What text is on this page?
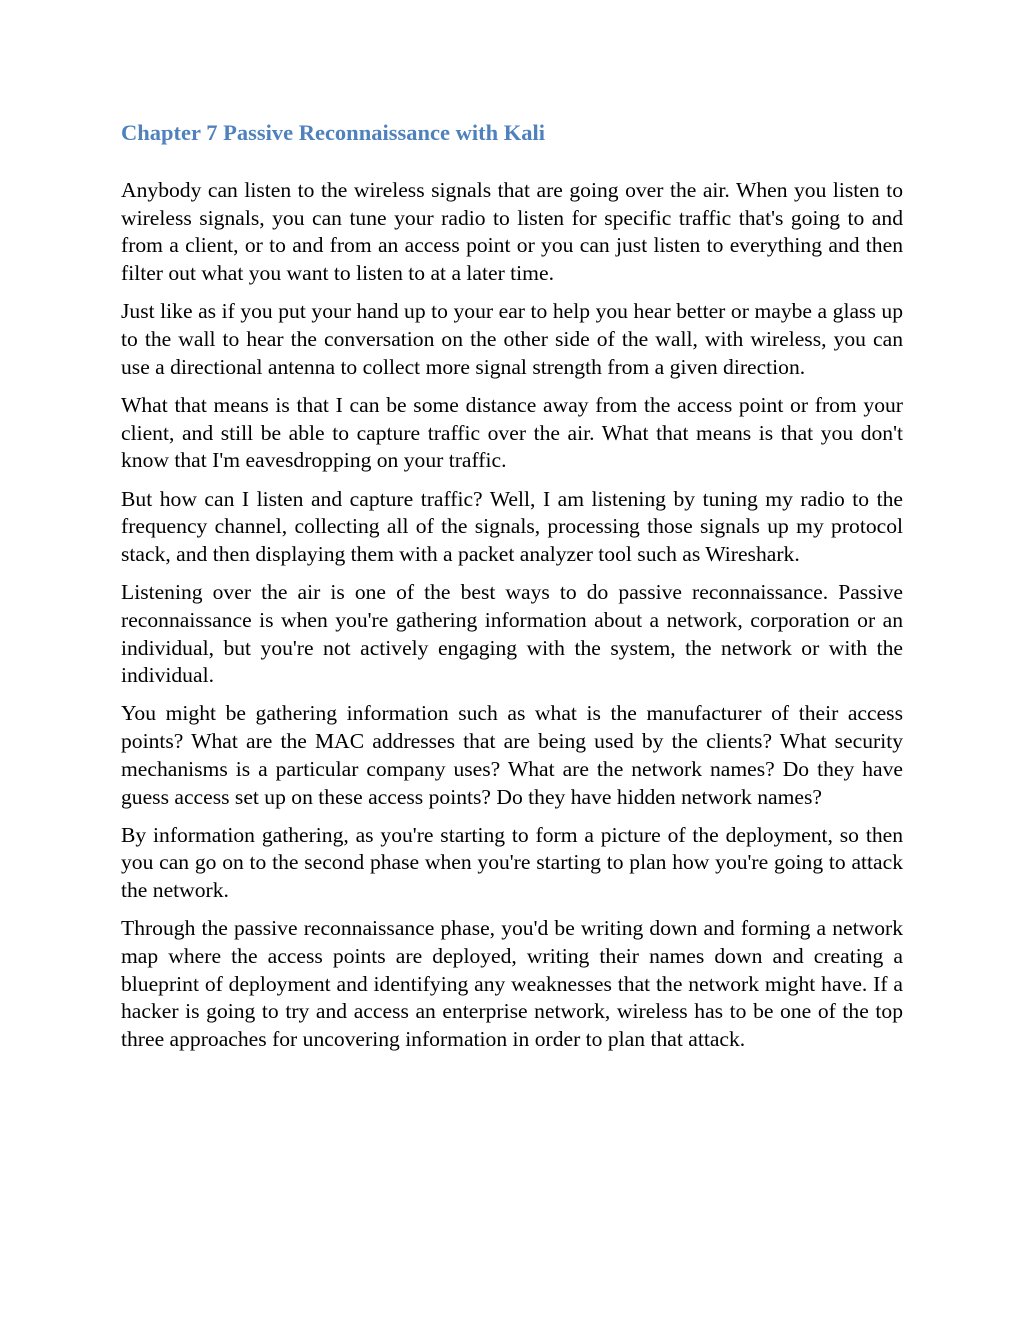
Chapter 7 Passive Reconnaissance with Kali

Anybody can listen to the wireless signals that are going over the air. When you listen to wireless signals, you can tune your radio to listen for specific traffic that's going to and from a client, or to and from an access point or you can just listen to everything and then filter out what you want to listen to at a later time.

Just like as if you put your hand up to your ear to help you hear better or maybe a glass up to the wall to hear the conversation on the other side of the wall, with wireless, you can use a directional antenna to collect more signal strength from a given direction.

What that means is that I can be some distance away from the access point or from your client, and still be able to capture traffic over the air. What that means is that you don't know that I'm eavesdropping on your traffic.

But how can I listen and capture traffic? Well, I am listening by tuning my radio to the frequency channel, collecting all of the signals, processing those signals up my protocol stack, and then displaying them with a packet analyzer tool such as Wireshark.

Listening over the air is one of the best ways to do passive reconnaissance. Passive reconnaissance is when you're gathering information about a network, corporation or an individual, but you're not actively engaging with the system, the network or with the individual.

You might be gathering information such as what is the manufacturer of their access points? What are the MAC addresses that are being used by the clients? What security mechanisms is a particular company uses? What are the network names? Do they have guess access set up on these access points? Do they have hidden network names?

By information gathering, as you're starting to form a picture of the deployment, so then you can go on to the second phase when you're starting to plan how you're going to attack the network.

Through the passive reconnaissance phase, you'd be writing down and forming a network map where the access points are deployed, writing their names down and creating a blueprint of deployment and identifying any weaknesses that the network might have. If a hacker is going to try and access an enterprise network, wireless has to be one of the top three approaches for uncovering information in order to plan that attack.
